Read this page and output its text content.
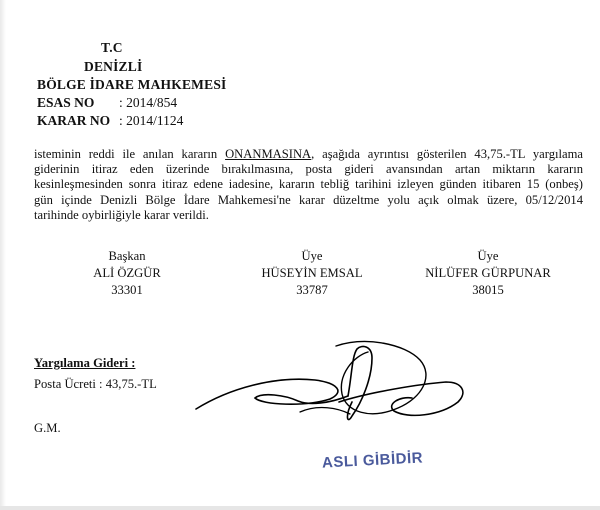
T.C
DENİZLİ
BÖLGE İDARE MAHKEMESİ
ESAS NO : 2014/854
KARAR NO : 2014/1124
isteminin reddi ile anılan kararın ONANMASINA, aşağıda ayrıntısı gösterilen 43,75.-TL yargılama
giderinin itiraz eden üzerinde bırakılmasına, posta gideri avansından artan miktarın kararın
kesinleşmesinden sonra itiraz edene iadesine, kararın tebliğ tarihini izleyen günden itibaren 15 (onbeş)
gün içinde Denizli Bölge İdare Mahkemesi'ne karar düzeltme yolu açık olmak üzere, 05/12/2014
tarihinde oybirliğiyle karar verildi.
Başkan
ALİ ÖZGÜR
33301
Üye
HÜSEYİN EMSAL
33787
Üye
NİLÜFER GÜRPUNAR
38015
Yargılama Gideri :
Posta Ücreti : 43,75.-TL
G.M.
ASLI GİBİDİR
